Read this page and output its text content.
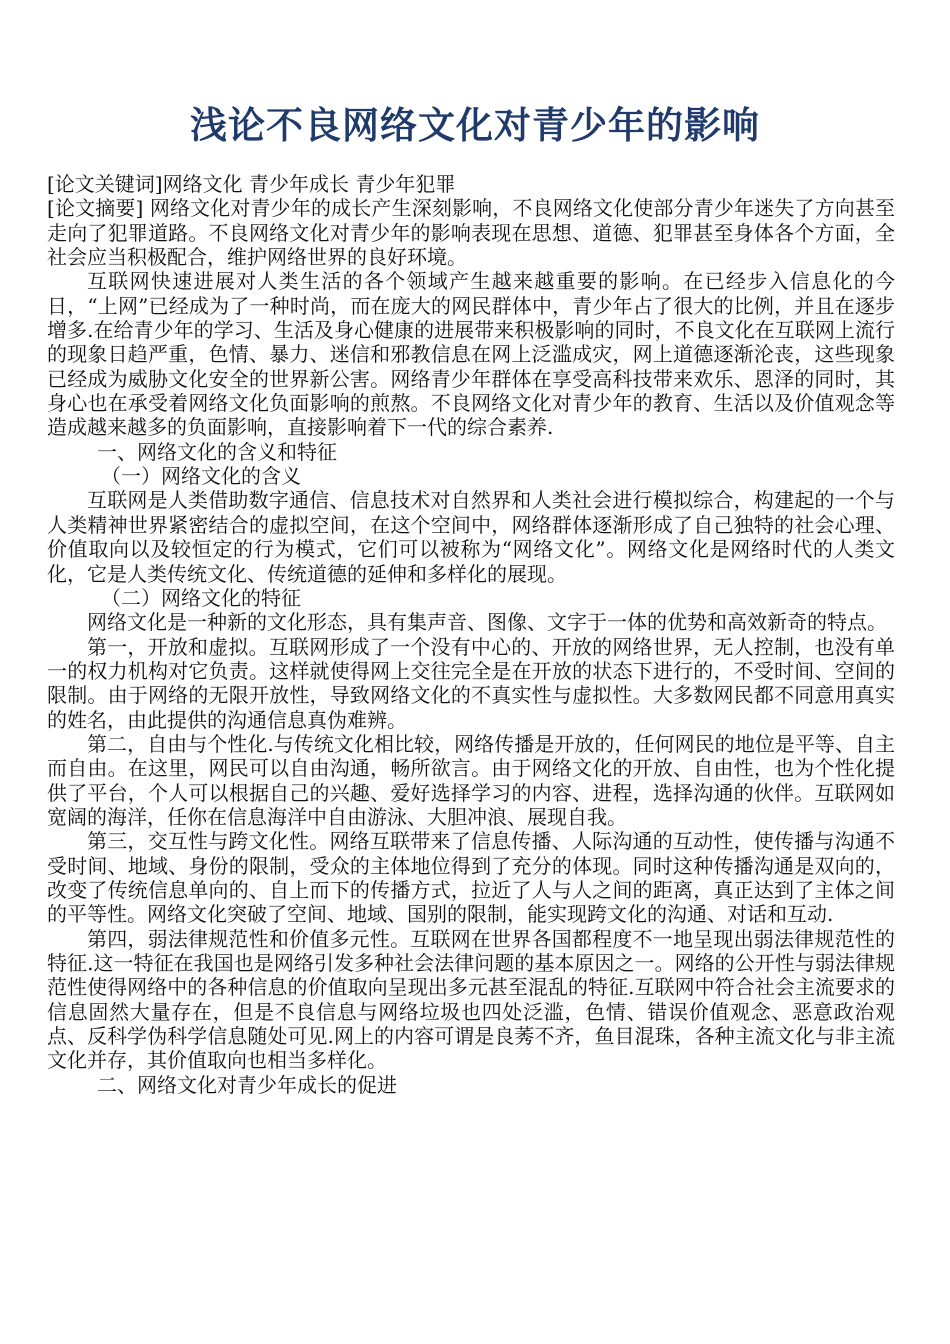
浅论不良网络文化对青少年的影响

[论文关键词]网络文化 青少年成长 青少年犯罪

[论文摘要] 网络文化对青少年的成长产生深刻影响，不良网络文化使部分青少年迷失了方向甚至走向了犯罪道路。不良网络文化对青少年的影响表现在思想、道德、犯罪甚至身体各个方面，全社会应当积极配合，维护网络世界的良好环境。

互联网快速进展对人类生活的各个领域产生越来越重要的影响。在已经步入信息化的今日，“上网”已经成为了一种时尚，而在庞大的网民群体中，青少年占了很大的比例，并且在逐步增多.在给青少年的学习、生活及身心健康的进展带来积极影响的同时，不良文化在互联网上流行的现象日趋严重，色情、暴力、迷信和邪教信息在网上泛滥成灾，网上道德逐渐沦丧，这些现象已经成为威胁文化安全的世界新公害。网络青少年群体在享受高科技带来欢乐、恩泽的同时，其身心也在承受着网络文化负面影响的煎熬。不良网络文化对青少年的教育、生活以及价值观念等造成越来越多的负面影响，直接影响着下一代的综合素养.

一、网络文化的含义和特征

（一）网络文化的含义

互联网是人类借助数字通信、信息技术对自然界和人类社会进行模拟综合，构建起的一个与人类精神世界紧密结合的虚拟空间，在这个空间中，网络群体逐渐形成了自己独特的社会心理、价值取向以及较恒定的行为模式，它们可以被称为“网络文化”。网络文化是网络时代的人类文化，它是人类传统文化、传统道德的延伸和多样化的展现。

（二）网络文化的特征

网络文化是一种新的文化形态，具有集声音、图像、文字于一体的优势和高效新奇的特点。

第一，开放和虚拟。互联网形成了一个没有中心的、开放的网络世界，无人控制，也没有单一的权力机构对它负责。这样就使得网上交往完全是在开放的状态下进行的，不受时间、空间的限制。由于网络的无限开放性，导致网络文化的不真实性与虚拟性。大多数网民都不同意用真实的姓名，由此提供的沟通信息真伪难辨。

第二，自由与个性化.与传统文化相比较，网络传播是开放的，任何网民的地位是平等、自主而自由。在这里，网民可以自由沟通，畅所欲言。由于网络文化的开放、自由性，也为个性化提供了平台，个人可以根据自己的兴趣、爱好选择学习的内容、进程，选择沟通的伙伴。互联网如宽阔的海洋，任你在信息海洋中自由游泳、大胆冲浪、展现自我。

第三，交互性与跨文化性。网络互联带来了信息传播、人际沟通的互动性，使传播与沟通不受时间、地域、身份的限制，受众的主体地位得到了充分的体现。同时这种传播沟通是双向的，改变了传统信息单向的、自上而下的传播方式，拉近了人与人之间的距离，真正达到了主体之间的平等性。网络文化突破了空间、地域、国别的限制，能实现跨文化的沟通、对话和互动.

第四，弱法律规范性和价值多元性。互联网在世界各国都程度不一地呈现出弱法律规范性的特征.这一特征在我国也是网络引发多种社会法律问题的基本原因之一。网络的公开性与弱法律规范性使得网络中的各种信息的价值取向呈现出多元甚至混乱的特征.互联网中符合社会主流要求的信息固然大量存在，但是不良信息与网络垃圾也四处泛滥，色情、错误价值观念、恶意政治观点、反科学伪科学信息随处可见.网上的内容可谓是良莠不齐，鱼目混珠，各种主流文化与非主流文化并存，其价值取向也相当多样化。

二、网络文化对青少年成长的促进
